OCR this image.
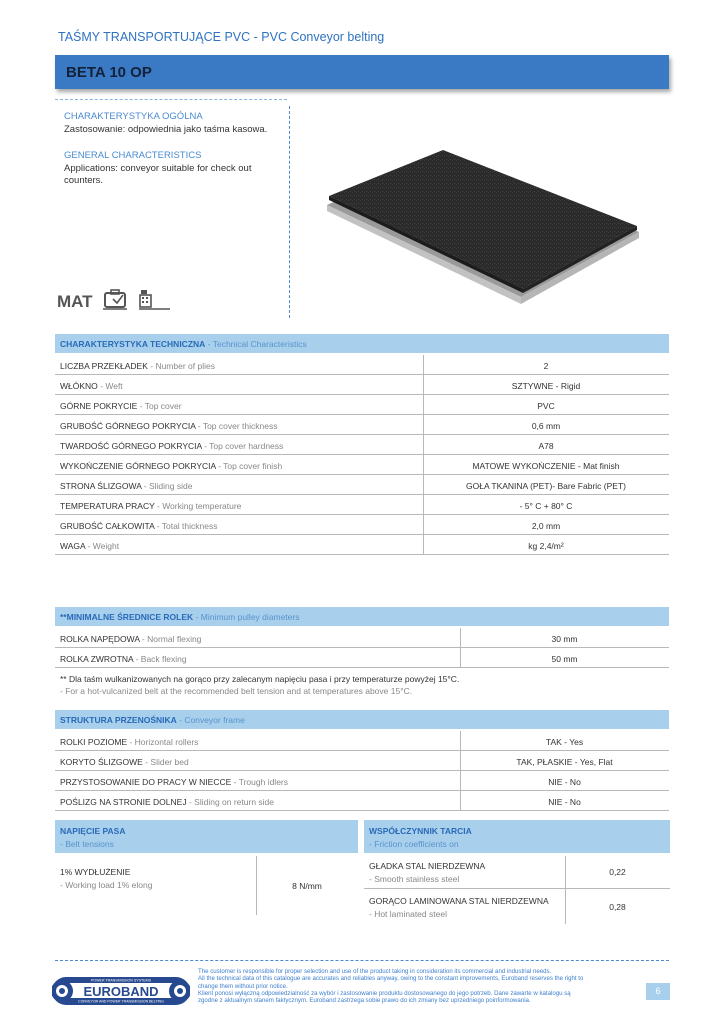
TAŚMY TRANSPORTUJĄCE PVC - PVC Conveyor belting
BETA 10 OP
CHARAKTERYSTYKA OGÓLNA
Zastosowanie: odpowiednia jako taśma kasowa.
GENERAL CHARACTERISTICS
Applications: conveyor suitable for check out
counters.
MAT
CHARAKTERYSTYKA TECHNICZNA - Technical Characteristics
LICZBA PRZEKŁADEK - Number of plies	2
WŁÓKNO - Weft	SZTYWNE - Rigid
GÓRNE POKRYCIE - Top cover	PVC
GRUBOŚĆ GÓRNEGO POKRYCIA - Top cover thickness	0,6 mm
TWARDOŚĆ GÓRNEGO POKRYCIA - Top cover hardness	A78
WYKOŃCZENIE GÓRNEGO POKRYCIA - Top cover finish	MATOWE WYKOŃCZENIE - Mat finish
STRONA ŚLIZGOWA - Sliding side	GOŁA TKANINA (PET)- Bare Fabric (PET)
TEMPERATURA PRACY - Working temperature	- 5° C + 80° C
GRUBOŚĆ CAŁKOWITA - Total thickness	2,0 mm
WAGA - Weight	kg 2,4/m²
**MINIMALNE ŚREDNICE ROLEK - Minimum pulley diameters
ROLKA NAPĘDOWA - Normal flexing	30 mm
ROLKA ZWROTNA - Back flexing	50 mm
** Dla taśm wulkanizowanych na gorąco przy zalecanym napięciu pasa i przy temperaturze powyżej 15°C.
- For a hot-vulcanized belt at the recommended belt tension and at temperatures above 15°C.
STRUKTURA PRZENOŚNIKA - Conveyor frame
ROLKI POZIOME - Horizontal rollers	TAK - Yes
KORYTO ŚLIZGOWE - Slider bed	TAK, PŁASKIE - Yes, Flat
PRZYSTOSOWANIE DO PRACY W NIECCE - Trough idlers	NIE - No
POŚLIZG NA STRONIE DOLNEJ - Sliding on return side	NIE - No
NAPIĘCIE PASA
- Belt tensions
1% WYDŁUŻENIE
- Working load 1% elong	8 N/mm
WSPÓŁCZYNNIK TARCIA
- Friction coefficients on
GŁADKA STAL NIERDZEWNA
- Smooth stainless steel
0,22
GORĄCO LAMINOWANA STAL NIERDZEWNA
- Hot laminated steel
0,28
POWER TRANSMISSION SYSTEMS
EUROBAND
CONVEYOR AND POWER TRANSMISSION BELTING
The customer is responsible for proper selection and use of the product taking in consideration its commercial and industrial needs.
All the technical data of this catalogue are accurates and reliables anyway, owing to the constant improvements, Euroband reserves the right to
change them without prior notice.
Klient ponosi wyłączną odpowiedzialność za wybór i zastosowanie produktu dostosowanego do jego potrzeb. Dane zawarte w katalogu są
zgodne z aktualnym stanem faktycznym. Euroband zastrzega sobie prawo do ich zmiany bez uprzedniego poinformowania.
6
